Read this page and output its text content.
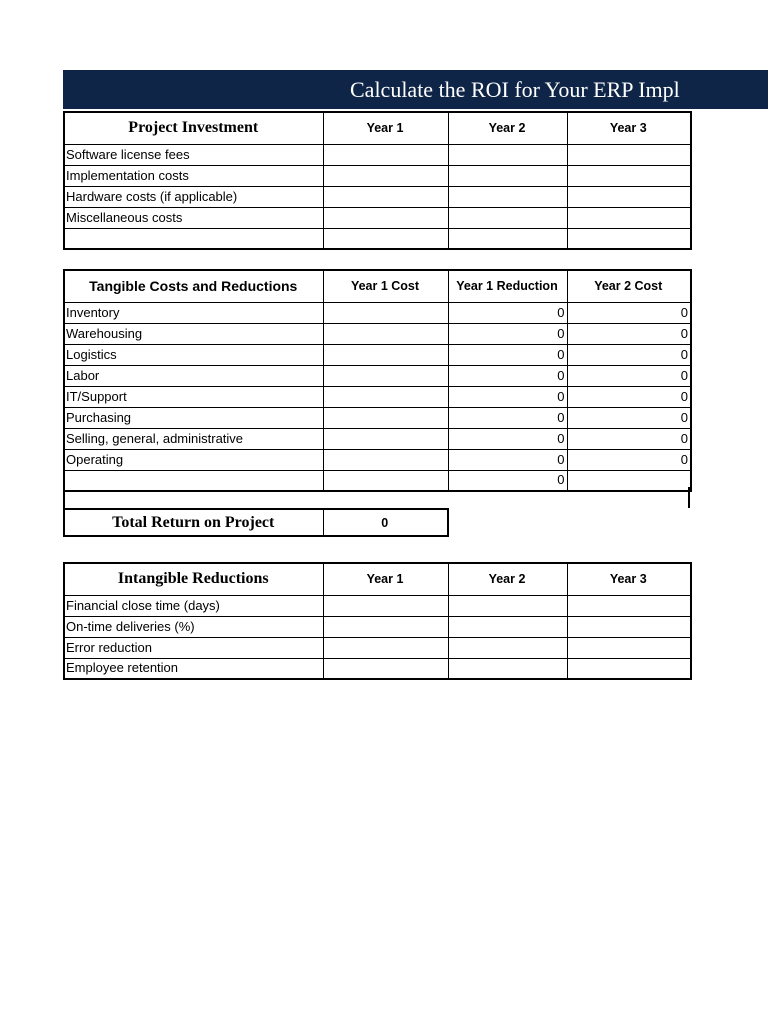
Calculate the ROI for Your ERP Impl
Project Investment	Year 1	Year 2	Year 3
Software license fees			
Implementation costs			
Hardware costs (if applicable)			
Miscellaneous costs			

Tangible Costs and Reductions	Year 1 Cost	Year 1 Reduction	Year 2 Cost
Inventory		0	0
Warehousing		0	0
Logistics		0	0
Labor		0	0
IT/Support		0	0
Purchasing		0	0
Selling, general, administrative		0	0
Operating		0	0
		0	
Total Return on Project	0
Intangible Reductions	Year 1	Year 2	Year 3
Financial close time (days)			
On-time deliveries (%)			
Error reduction			
Employee retention			
